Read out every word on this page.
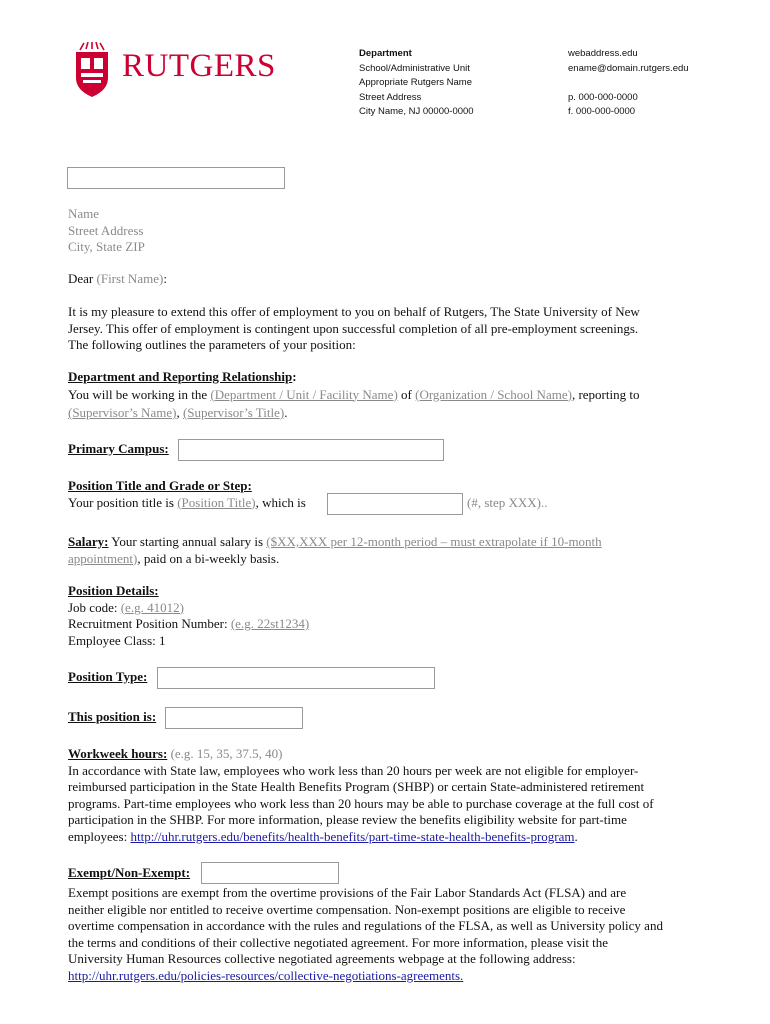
RUTGERS	Department
School/Administrative Unit
Appropriate Rutgers Name
Street Address
City Name, NJ 00000-0000
webaddress.edu
ename@domain.rutgers.edu
p. 000-000-0000
f. 000-000-0000
Name
Street Address
City, State ZIP
Dear (First Name):
It is my pleasure to extend this offer of employment to you on behalf of Rutgers, The State University of New
Jersey. This offer of employment is contingent upon successful completion of all pre-employment screenings.
The following outlines the parameters of your position:
Department and Reporting Relationship:
You will be working in the (Department / Unit / Facility Name) of (Organization / School Name), reporting to
(Supervisor’s Name), (Supervisor’s Title).
Primary Campus:
Position Title and Grade or Step:
Your position title is (Position Title), which is	(#, step XXX)..
Salary: Your starting annual salary is ($XX,XXX per 12-month period – must extrapolate if 10-month
appointment), paid on a bi-weekly basis.
Position Details:
Job code: (e.g. 41012)
Recruitment Position Number: (e.g. 22st1234)
Employee Class: 1
Position Type:
This position is:
Workweek hours: (e.g. 15, 35, 37.5, 40)
In accordance with State law, employees who work less than 20 hours per week are not eligible for employer-
reimbursed participation in the State Health Benefits Program (SHBP) or certain State-administered retirement
programs. Part-time employees who work less than 20 hours may be able to purchase coverage at the full cost of
participation in the SHBP. For more information, please review the benefits eligibility website for part-time
employees: http://uhr.rutgers.edu/benefits/health-benefits/part-time-state-health-benefits-program.
Exempt/Non-Exempt:
Exempt positions are exempt from the overtime provisions of the Fair Labor Standards Act (FLSA) and are
neither eligible nor entitled to receive overtime compensation. Non-exempt positions are eligible to receive
overtime compensation in accordance with the rules and regulations of the FLSA, as well as University policy and
the terms and conditions of their collective negotiated agreement. For more information, please visit the
University Human Resources collective negotiated agreements webpage at the following address:
http://uhr.rutgers.edu/policies-resources/collective-negotiations-agreements.
